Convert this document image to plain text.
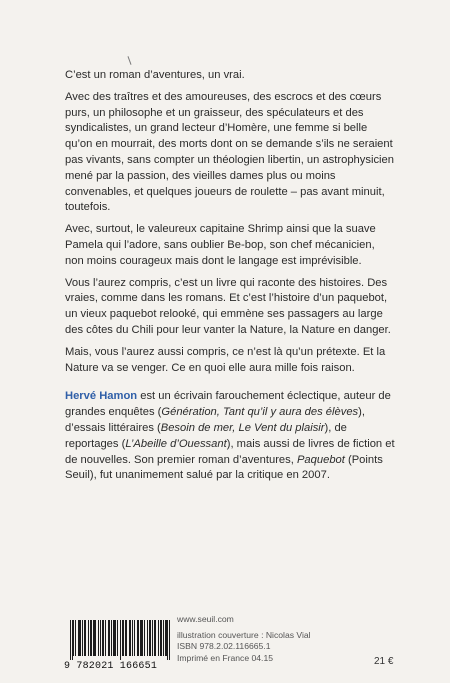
C’est un roman d’aventures, un vrai.

Avec des traîtres et des amoureuses, des escrocs et des cœurs purs, un philosophe et un graisseur, des spéculateurs et des syndicalistes, un grand lecteur d’Homère, une femme si belle qu’on en mourrait, des morts dont on se demande s’ils ne seraient pas vivants, sans compter un théologien libertin, un astrophysicien mené par la passion, des vieilles dames plus ou moins convenables, et quelques joueurs de roulette – pas avant minuit, toutefois.

Avec, surtout, le valeureux capitaine Shrimp ainsi que la suave Pamela qui l’adore, sans oublier Be-bop, son chef mécanicien, non moins courageux mais dont le langage est imprévisible.

Vous l’aurez compris, c’est un livre qui raconte des histoires. Des vraies, comme dans les romans. Et c’est l’histoire d’un paquebot, un vieux paquebot relooké, qui emmène ses passagers au large des côtes du Chili pour leur vanter la Nature, la Nature en danger.

Mais, vous l’aurez aussi compris, ce n’est là qu’un prétexte. Et la Nature va se venger. Ce en quoi elle aura mille fois raison.

Hervé Hamon est un écrivain farouchement éclectique, auteur de grandes enquêtes (Génération, Tant qu’il y aura des élèves), d’essais littéraires (Besoin de mer, Le Vent du plaisir), de reportages (L’Abeille d’Ouessant), mais aussi de livres de fiction et de nouvelles. Son premier roman d’aventures, Paquebot (Points Seuil), fut unanimement salué par la critique en 2007.

9 782021 166651
www.seuil.com
illustration couverture : Nicolas Vial
ISBN 978.2.02.116665.1
Imprimé en France 04.15	21 €
